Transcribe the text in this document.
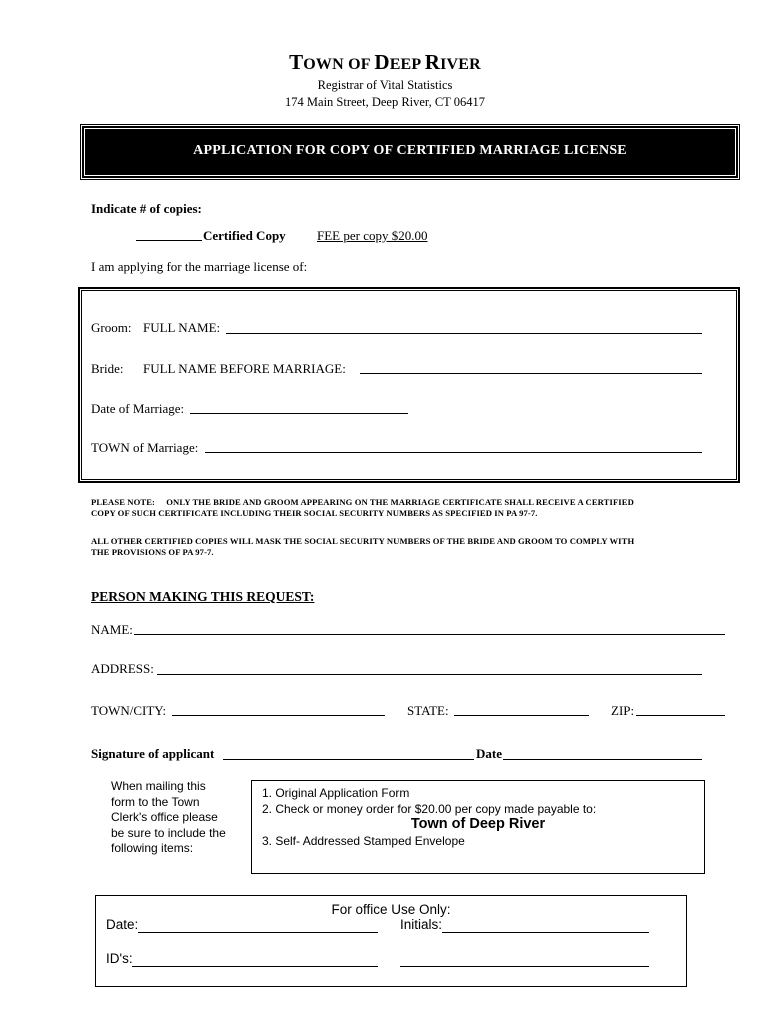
TOWN OF DEEP RIVER
Registrar of Vital Statistics
174 Main Street, Deep River, CT 06417
APPLICATION FOR COPY OF CERTIFIED MARRIAGE LICENSE
Indicate # of copies:
Certified Copy FEE per copy $20.00
I am applying for the marriage license of:
Groom: FULL NAME:
Bride: FULL NAME BEFORE MARRIAGE:
Date of Marriage:
TOWN of Marriage:
PLEASE NOTE: ONLY THE BRIDE AND GROOM APPEARING ON THE MARRIAGE CERTIFICATE SHALL RECEIVE A CERTIFIED
COPY OF SUCH CERTIFICATE INCLUDING THEIR SOCIAL SECURITY NUMBERS AS SPECIFIED IN PA 97-7.
ALL OTHER CERTIFIED COPIES WILL MASK THE SOCIAL SECURITY NUMBERS OF THE BRIDE AND GROOM TO COMPLY WITH
THE PROVISIONS OF PA 97-7.
PERSON MAKING THIS REQUEST:
NAME:
ADDRESS:
TOWN/CITY:	STATE:	ZIP:
Signature of applicant	Date
When mailing this
form to the Town
Clerk's office please
be sure to include the
following items:
1. Original Application Form
2. Check or money order for $20.00 per copy made payable to:
Town of Deep River
3. Self- Addressed Stamped Envelope
For office Use Only:
Date:	Initials:
ID's:
